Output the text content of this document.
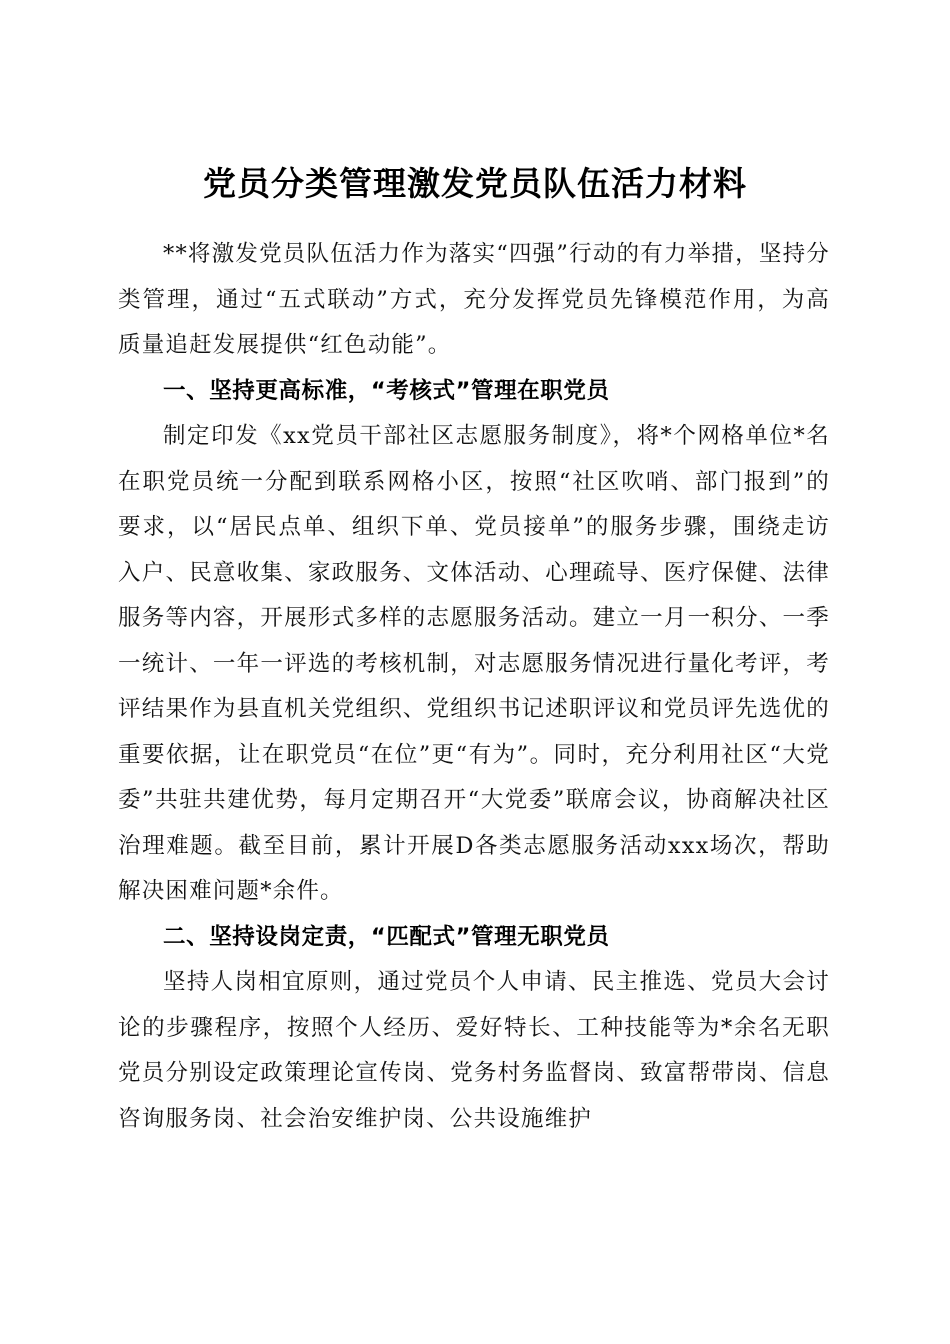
党员分类管理激发党员队伍活力材料

**将激发党员队伍活力作为落实“四强”行动的有力举措，坚持分类管理，通过“五式联动”方式，充分发挥党员先锋模范作用，为高质量追赶发展提供“红色动能”。

一、坚持更高标准，“考核式”管理在职党员

制定印发《xx党员干部社区志愿服务制度》，将*个网格单位*名在职党员统一分配到联系网格小区，按照“社区吹哨、部门报到”的要求，以“居民点单、组织下单、党员接单”的服务步骤，围绕走访入户、民意收集、家政服务、文体活动、心理疏导、医疗保健、法律服务等内容，开展形式多样的志愿服务活动。建立一月一积分、一季一统计、一年一评选的考核机制，对志愿服务情况进行量化考评，考评结果作为县直机关党组织、党组织书记述职评议和党员评先选优的重要依据，让在职党员“在位”更“有为”。同时，充分利用社区“大党委”共驻共建优势，每月定期召开“大党委”联席会议，协商解决社区治理难题。截至目前，累计开展D各类志愿服务活动xxx场次，帮助解决困难问题*余件。

二、坚持设岗定责，“匹配式”管理无职党员

坚持人岗相宜原则，通过党员个人申请、民主推选、党员大会讨论的步骤程序，按照个人经历、爱好特长、工种技能等为*余名无职党员分别设定政策理论宣传岗、党务村务监督岗、致富帮带岗、信息咨询服务岗、社会治安维护岗、公共设施维护
